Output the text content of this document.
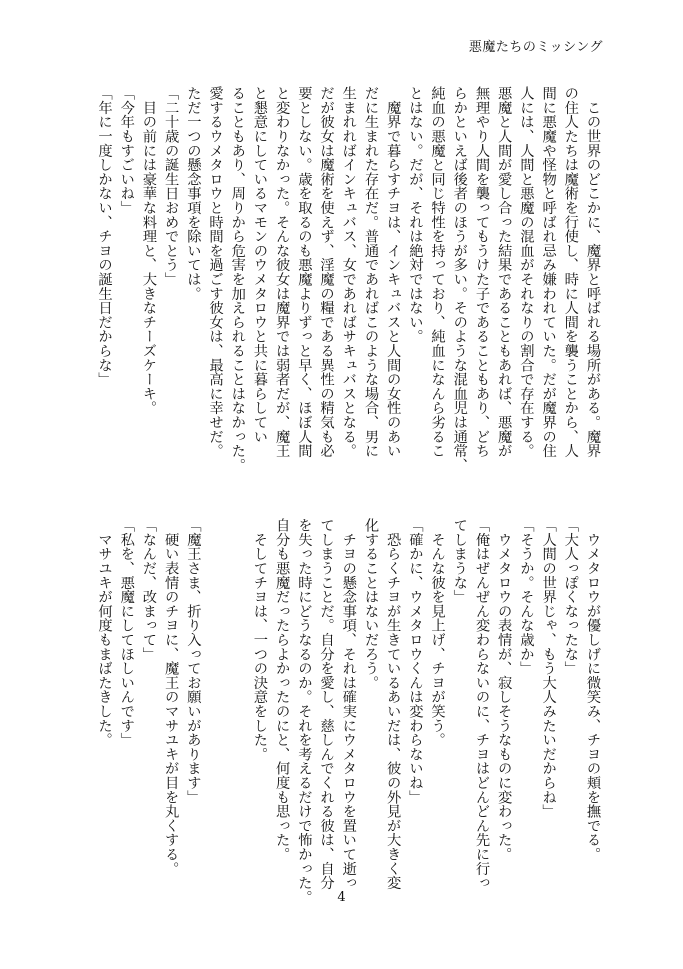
悪魔たちのミッシング
　この世界のどこかに、魔界と呼ばれる場所がある。魔界
の住人たちは魔術を行使し、時に人間を襲うことから、人
間に悪魔や怪物と呼ばれ忌み嫌われていた。だが魔界の住
人には、人間と悪魔の混血がそれなりの割合で存在する。
悪魔と人間が愛し合った結果であることもあれば、悪魔が
無理やり人間を襲ってもうけた子であることもあり、どち
らかといえば後者のほうが多い。そのような混血児は通常、
純血の悪魔と同じ特性を持っており、純血になんら劣るこ
とはない。だが、それは絶対ではない。
　魔界で暮らすチヨは、インキュバスと人間の女性のあい
だに生まれた存在だ。普通であればこのような場合、男に
生まれればインキュバス、女であればサキュバスとなる。
だが彼女は魔術を使えず、淫魔の糧である異性の精気も必
要としない。歳を取るのも悪魔よりずっと早く、ほぼ人間
と変わりなかった。そんな彼女は魔界では弱者だが、魔王
と懇意にしているマモンのウメタロウと共に暮らしてい
ることもあり、周りから危害を加えられることはなかった。
愛するウメタロウと時間を過ごす彼女は、最高に幸せだ。
ただ一つの懸念事項を除いては。
「二十歳の誕生日おめでとう」
　目の前には豪華な料理と、大きなチーズケーキ。
「今年もすごいね」
「年に一度しかない、チヨの誕生日だからな」
　ウメタロウが優しげに微笑み、チヨの頬を撫でる。
「大人っぽくなったな」
「人間の世界じゃ、もう大人みたいだからね」
「そうか。そんな歳か」
　ウメタロウの表情が、寂しそうなものに変わった。
「俺はぜんぜん変わらないのに、チヨはどんどん先に行っ
てしまうな」
　そんな彼を見上げ、チヨが笑う。
「確かに、ウメタロウくんは変わらないね」
　恐らくチヨが生きているあいだは、彼の外見が大きく変
化することはないだろう。
　チヨの懸念事項、それは確実にウメタロウを置いて逝っ
てしまうことだ。自分を愛し、慈しんでくれる彼は、自分
を失った時にどうなるのか。それを考えるだけで怖かった。
自分も悪魔だったらよかったのにと、何度も思った。
　そしてチヨは、一つの決意をした。

「魔王さま、折り入ってお願いがあります」
　硬い表情のチヨに、魔王のマサユキが目を丸くする。
「なんだ、改まって」
「私を、悪魔にしてほしいんです」
　マサユキが何度もまばたきした。
4
